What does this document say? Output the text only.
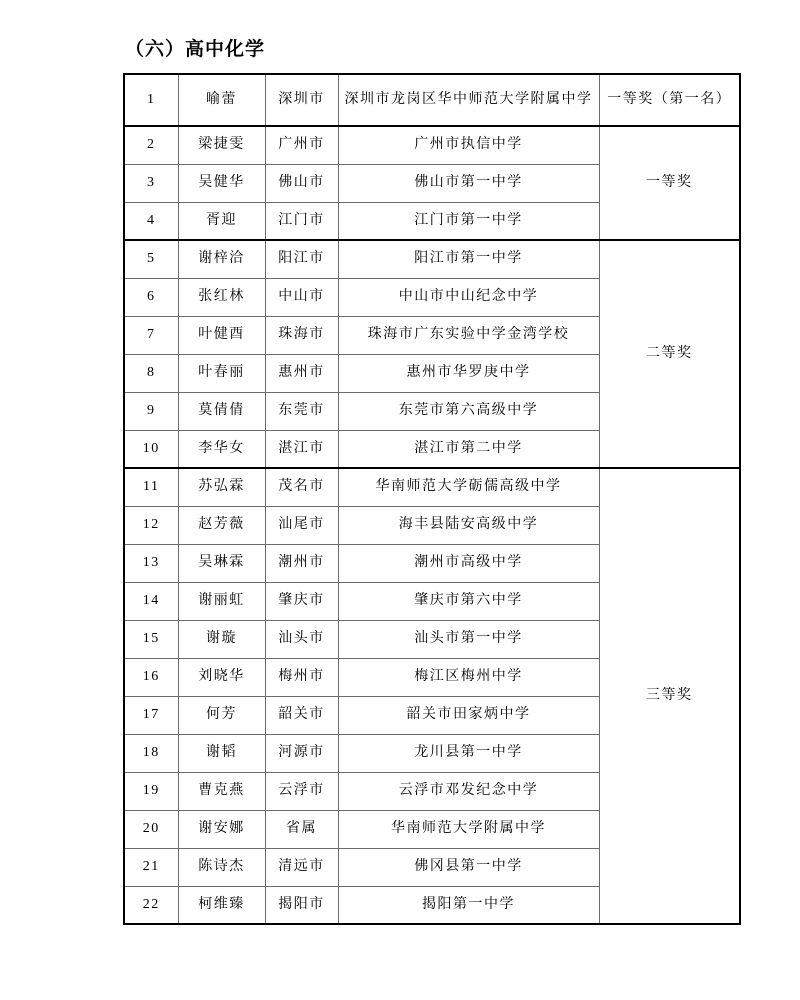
（六）高中化学
1	喻蕾	深圳市	深圳市龙岗区华中师范大学附属中学	一等奖（第一名）
2	梁捷雯	广州市	广州市执信中学	一等奖
3	吴健华	佛山市	佛山市第一中学	
4	胥迎	江门市	江门市第一中学	
5	谢梓洽	阳江市	阳江市第一中学	二等奖
6	张红林	中山市	中山市中山纪念中学	
7	叶健酉	珠海市	珠海市广东实验中学金湾学校	
8	叶春丽	惠州市	惠州市华罗庚中学	
9	莫倩倩	东莞市	东莞市第六高级中学	
10	李华女	湛江市	湛江市第二中学	
11	苏弘霖	茂名市	华南师范大学砺儒高级中学	三等奖
12	赵芳薇	汕尾市	海丰县陆安高级中学	
13	吴琳霖	潮州市	潮州市高级中学	
14	谢丽虹	肇庆市	肇庆市第六中学	
15	谢璇	汕头市	汕头市第一中学	
16	刘晓华	梅州市	梅江区梅州中学	
17	何芳	韶关市	韶关市田家炳中学	
18	谢韬	河源市	龙川县第一中学	
19	曹克燕	云浮市	云浮市邓发纪念中学	
20	谢安娜	省属	华南师范大学附属中学	
21	陈诗杰	清远市	佛冈县第一中学	
22	柯维臻	揭阳市	揭阳第一中学	
